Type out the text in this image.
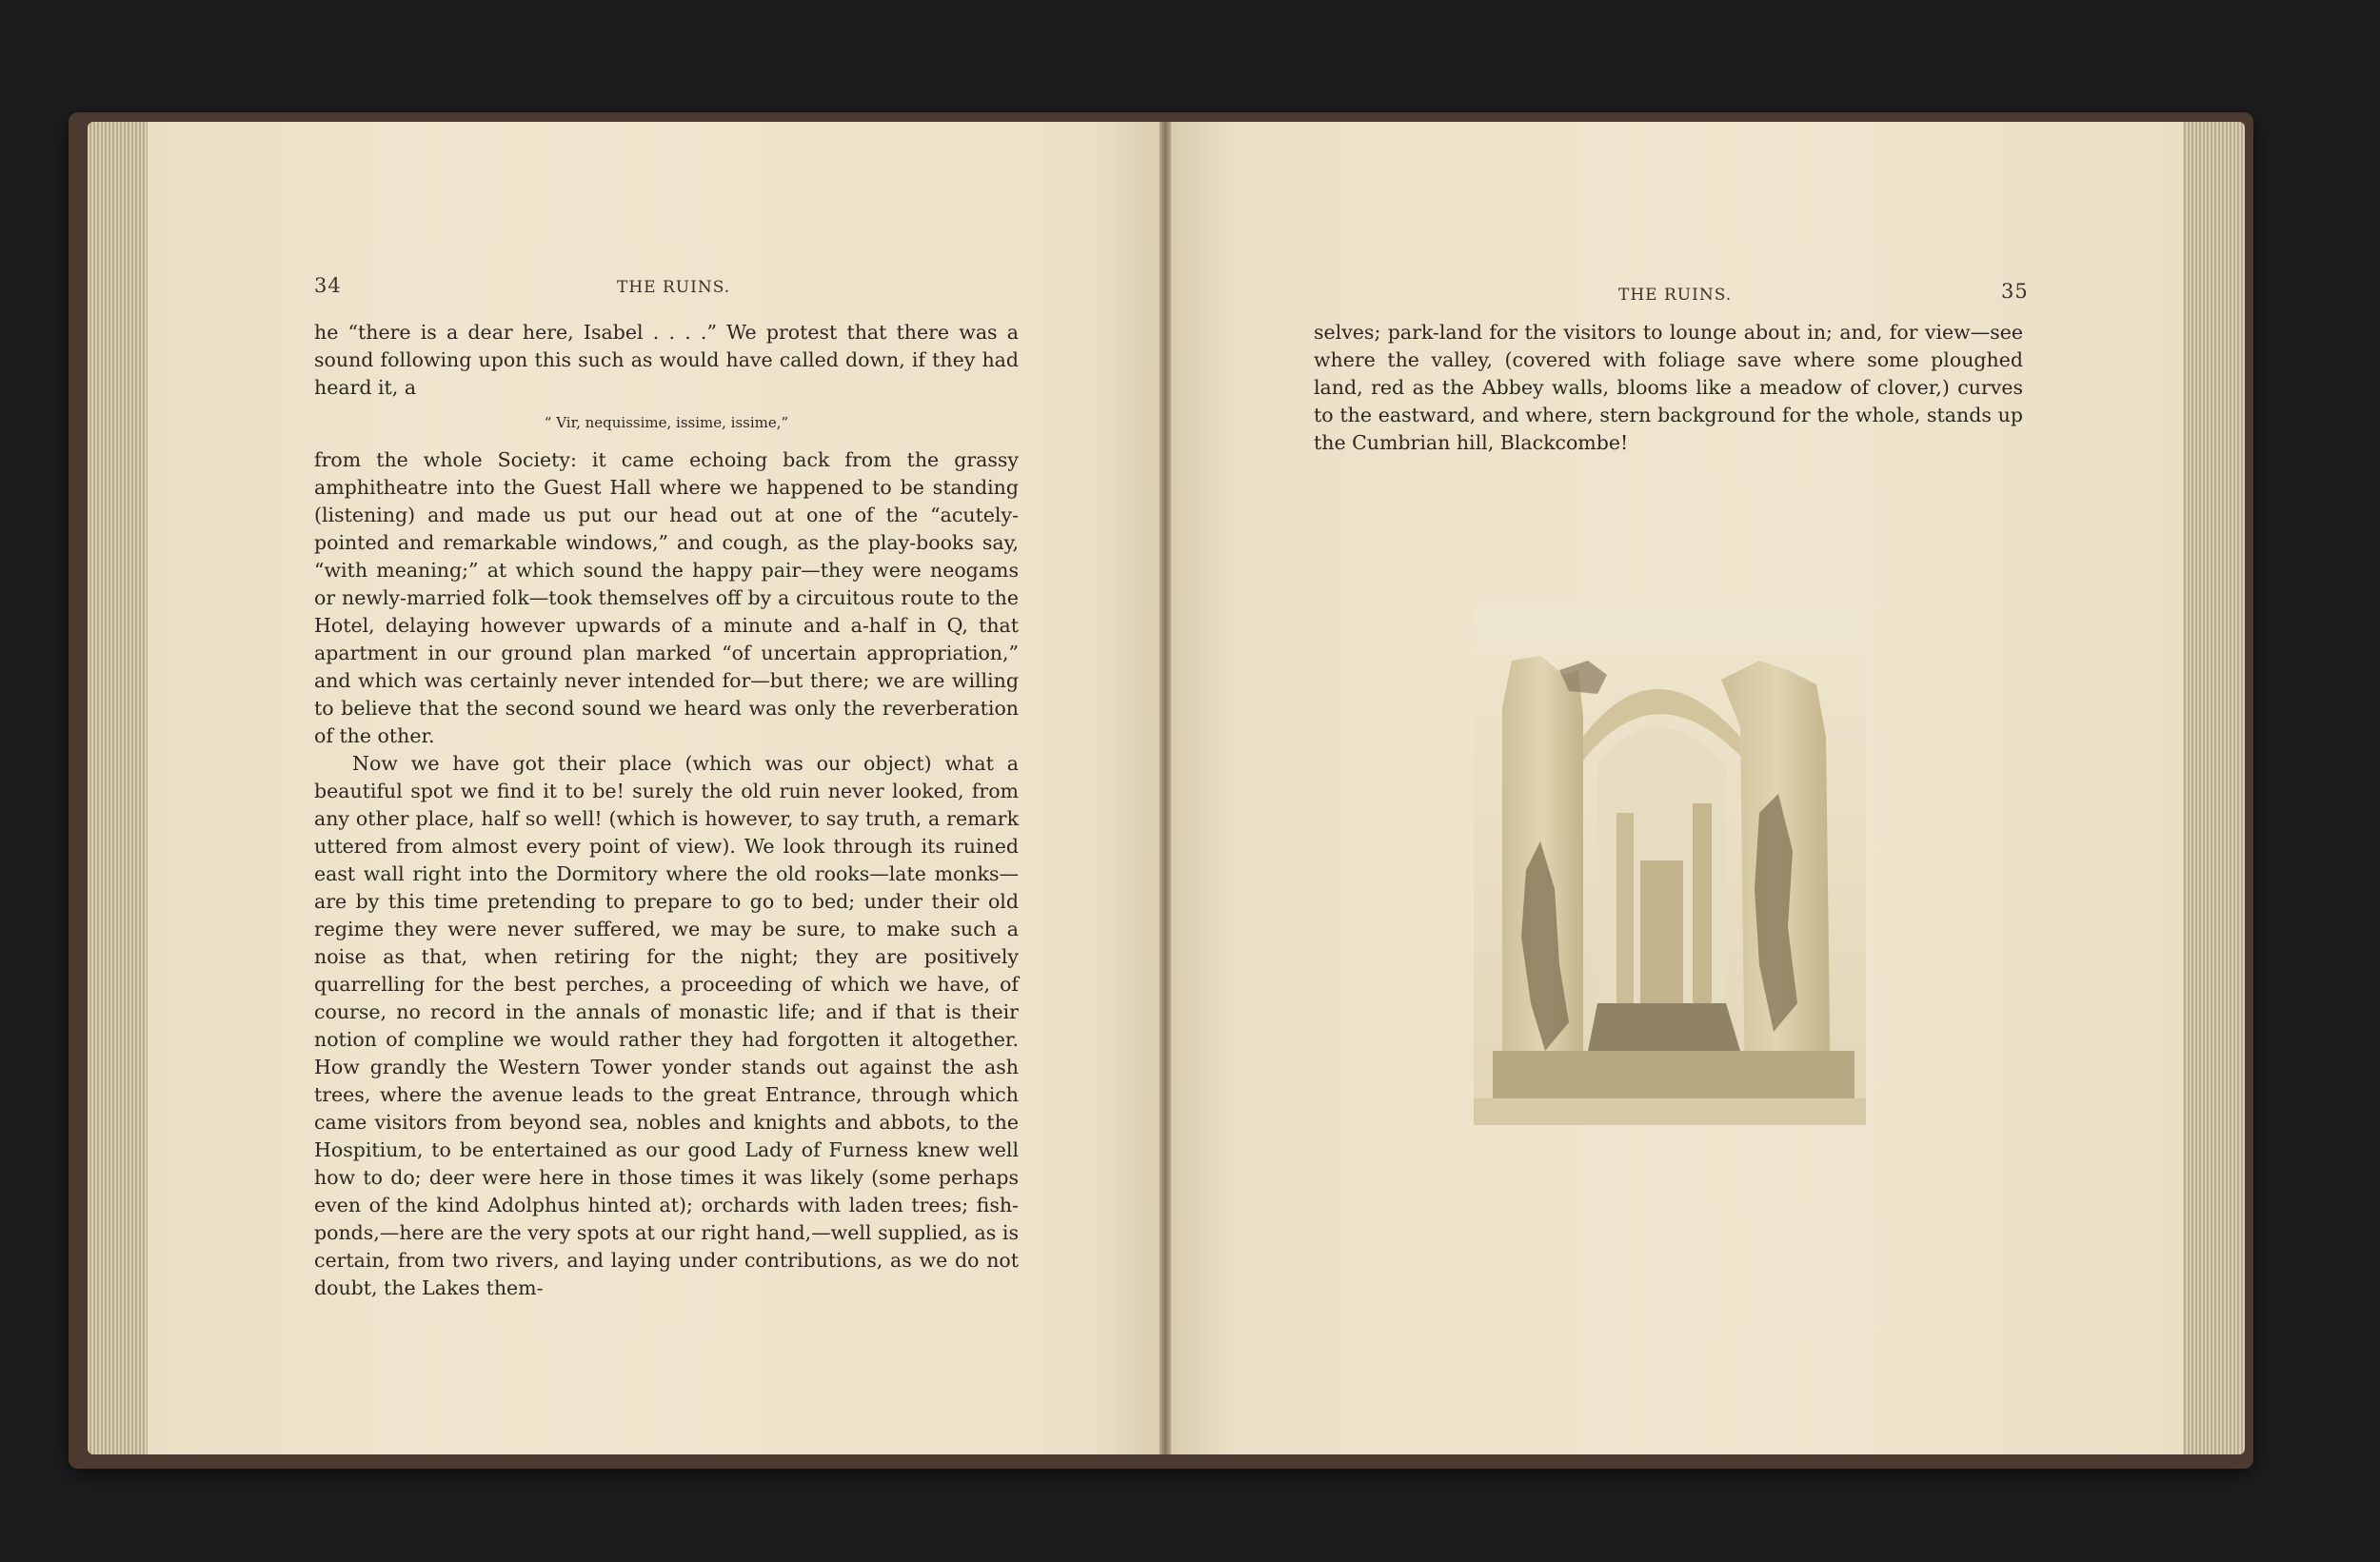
34	THE RUINS.

he “there is a dear here, Isabel . . . .” We protest that there was a sound following upon this such as would have called down, if they had heard it, a

“ Vir, nequissime, issime, issime,”

from the whole Society: it came echoing back from the grassy amphitheatre into the Guest Hall where we happened to be standing (listening) and made us put our head out at one of the “acutely-pointed and remarkable windows,” and cough, as the play-books say, “with meaning;” at which sound the happy pair—they were neogams or newly-married folk—took themselves off by a circuitous route to the Hotel, delaying however upwards of a minute and a-half in Q, that apartment in our ground plan marked “of uncertain appropriation,” and which was certainly never intended for—but there; we are willing to believe that the second sound we heard was only the reverberation of the other.

Now we have got their place (which was our object) what a beautiful spot we find it to be! surely the old ruin never looked, from any other place, half so well! (which is however, to say truth, a remark uttered from almost every point of view). We look through its ruined east wall right into the Dormitory where the old rooks—late monks—are by this time pretending to prepare to go to bed; under their old regime they were never suffered, we may be sure, to make such a noise as that, when retiring for the night; they are positively quarrelling for the best perches, a proceeding of which we have, of course, no record in the annals of monastic life; and if that is their notion of compline we would rather they had forgotten it altogether. How grandly the Western Tower yonder stands out against the ash trees, where the avenue leads to the great Entrance, through which came visitors from beyond sea, nobles and knights and abbots, to the Hospitium, to be entertained as our good Lady of Furness knew well how to do; deer were here in those times it was likely (some perhaps even of the kind Adolphus hinted at); orchards with laden trees; fish-ponds,—here are the very spots at our right hand,—well supplied, as is certain, from two rivers, and laying under contributions, as we do not doubt, the Lakes them-

THE RUINS.	35

selves; park-land for the visitors to lounge about in; and, for view—see where the valley, (covered with foliage save where some ploughed land, red as the Abbey walls, blooms like a meadow of clover,) curves to the eastward, and where, stern background for the whole, stands up the Cumbrian hill, Blackcombe!
